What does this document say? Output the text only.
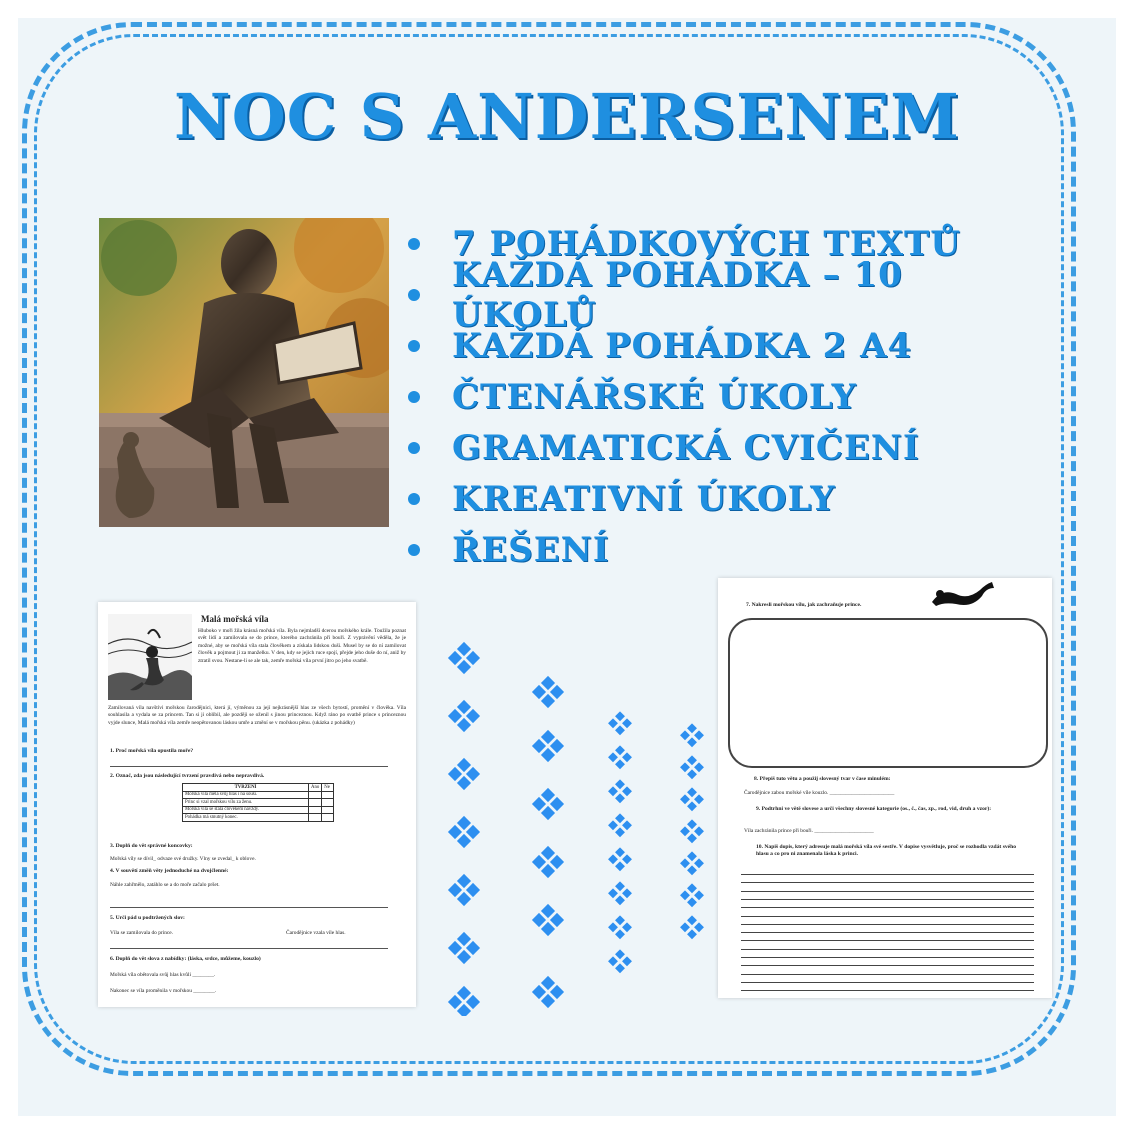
NOC S ANDERSENEM
7 POHÁDKOVÝCH TEXTŮ
KAŽDÁ POHÁDKA – 10 ÚKOLŮ
KAŽDÁ POHÁDKA 2 A4
ČTENÁŘSKÉ ÚKOLY
GRAMATICKÁ CVIČENÍ
KREATIVNÍ ÚKOLY
ŘEŠENÍ
Malá mořská víla
Hluboko v moři žila krásná mořská víla. Byla nejmladší dcerou mořského krále. Toužila poznat svět lidí a zamilovala se do prince, kterého zachránila při bouři. Z vyprávění věděla, že je možné, aby se mořská víla stala člověkem a získala lidskou duši. Musel by se do ní zamilovat člověk a pojmout ji za manželku. V den, kdy se jejich ruce spojí, přejde jeho duše do ní, aniž by ztratil svou. Nestane-li se ale tak, zemře mořská víla první jitro po jeho svatbě.
Zamilovaná víla navštívi mořskou čarodějnici, která jí, výměnou za její nejkrásnější hlas ze všech bytostí, promění v člověka. Víla souhlasila a vydala se za princem. Tan si ji oblíbil, ale později se oženil s jinou princeznou. Když ráno po svatbě prince s princeznou vyjde slunce, Malá mořská víla zemře neopětovanou láskou umře a změní se v mořskou pěnu. (ukázka z pohádky)
1. Proč mořská víla opustila moře?
2. Označ, zda jsou následující tvrzení pravdivá nebo nepravdivá.
TVRZENÍ	Ano	Ne
Mořská víla měla svůj hlas i na souši.		
Princ si vzal mořskou vílu za ženu.		
Mořská víla se stala člověkem navždy.		
Pohádka má smutný konec.		
3. Doplň do vět správné koncovky:
Mořská víly se dívil_ odvaze své družky. Vlny se zvedal_ k oblove.
4. V souvětí změň věty jednoduché na dvojčlenné:
Náhle zahřmělo, zatáhlo se a do moře začalo pršet.
5. Urči pád u podtržených slov:
Víla se zamilovala do prince.	Čarodějnice vzala víle hlas.
6. Doplň do vět slova z nabídky: (láska, srdce, můžeme, kouzlo)
Mořská víla obětovala svůj hlas kvůli ________.
Nakonec se víla proměnila v mořskou ________.
7. Nakresli mořskou vílu, jak zachraňuje prince.
8. Přepiš tuto větu a použij slovesný tvar v čase minulém:
Čarodějnice zabou mořské víle kouzlo. ________________________
9. Podtrhni ve větě slovese a urči všechny slovesné kategorie (os., č., čas, zp., rod, vid, druh a vzor):
Víla zachránila prince při bouři. ______________________
10. Napiš dopis, který adresuje malá mořská víla své sestře. V dopise vysvětluje, proč se rozhodla vzdát svého hlasu a co pro ni znamenala láska k princi.
